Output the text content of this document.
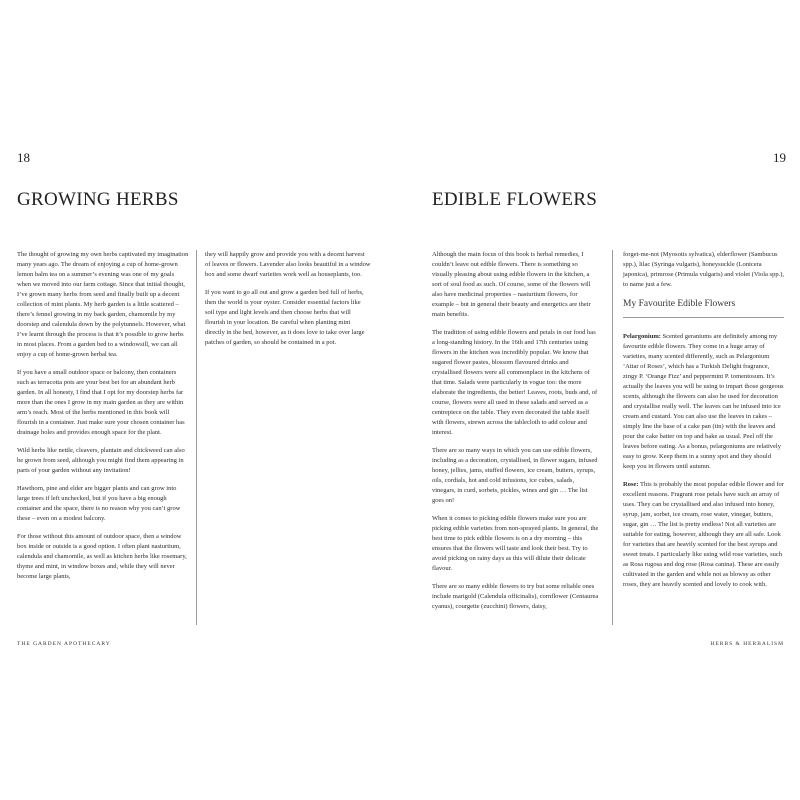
18
GROWING HERBS

The thought of growing my own herbs captivated my imagination many years ago. The dream of enjoying a cup of home-grown lemon balm tea on a summer’s evening was one of my goals when we moved into our farm cottage. Since that initial thought, I’ve grown many herbs from seed and finally built up a decent collection of mint plants. My herb garden is a little scattered – there’s fennel growing in my back garden, chamomile by my doorstep and calendula down by the polytunnels. However, what I’ve learnt through the process is that it’s possible to grow herbs in most places. From a garden bed to a windowsill, we can all enjoy a cup of home-grown herbal tea.

If you have a small outdoor space or balcony, then containers such as terracotta pots are your best bet for an abundant herb garden. In all honesty, I find that I opt for my doorstep herbs far more than the ones I grow in my main garden as they are within arm’s reach. Most of the herbs mentioned in this book will flourish in a container. Just make sure your chosen container has drainage holes and provides enough space for the plant.

Wild herbs like nettle, cleavers, plantain and chickweed can also be grown from seed, although you might find them appearing in parts of your garden without any invitation!

Hawthorn, pine and elder are bigger plants and can grow into large trees if left unchecked, but if you have a big enough container and the space, there is no reason why you can’t grow these – even on a modest balcony.

For those without this amount of outdoor space, then a window box inside or outside is a good option. I often plant nasturtium, calendula and chamomile, as well as kitchen herbs like rosemary, thyme and mint, in window boxes and, while they will never become large plants,

they will happily grow and provide you with a decent harvest of leaves or flowers. Lavender also looks beautiful in a window box and some dwarf varieties work well as houseplants, too.

If you want to go all out and grow a garden bed full of herbs, then the world is your oyster. Consider essential factors like soil type and light levels and then choose herbs that will flourish in your location. Be careful when planting mint directly in the bed, however, as it does love to take over large patches of garden, so should be contained in a pot.

THE GARDEN APOTHECARY
19
EDIBLE FLOWERS

Although the main focus of this book is herbal remedies, I couldn’t leave out edible flowers. There is something so visually pleasing about using edible flowers in the kitchen, a sort of soul food as such. Of course, some of the flowers will also have medicinal properties – nasturtium flowers, for example – but in general their beauty and energetics are their main benefits.

The tradition of using edible flowers and petals in our food has a long-standing history. In the 16th and 17th centuries using flowers in the kitchen was incredibly popular. We know that sugared flower pastes, blossom flavoured drinks and crystallised flowers were all commonplace in the kitchens of that time. Salads were particularly in vogue too: the more elaborate the ingredients, the better! Leaves, roots, buds and, of course, flowers were all used in these salads and served as a centrepiece on the table. They even decorated the table itself with flowers, strewn across the tablecloth to add colour and interest.

There are so many ways in which you can use edible flowers, including as a decoration, crystallised, in flower sugars, infused honey, jellies, jams, stuffed flowers, ice cream, butters, syrups, oils, cordials, hot and cold infusions, ice cubes, salads, vinegars, in curd, sorbets, pickles, wines and gin … The list goes on!

When it comes to picking edible flowers make sure you are picking edible varieties from non-sprayed plants. In general, the best time to pick edible flowers is on a dry morning – this ensures that the flowers will taste and look their best. Try to avoid picking on rainy days as this will dilute their delicate flavour.

There are so many edible flowers to try but some reliable ones include marigold (Calendula officinalis), cornflower (Centaurea cyanus), courgette (zucchini) flowers, daisy,

forget-me-not (Myosotis sylvatica), elderflower (Sambucus spp.), lilac (Syringa vulgaris), honeysuckle (Lonicera japonica), primrose (Primula vulgaris) and violet (Viola spp.), to name just a few.

My Favourite Edible Flowers

Pelargonium: Scented geraniums are definitely among my favourite edible flowers. They come in a huge array of varieties, many scented differently, such as Pelargonium ‘Attar of Roses’, which has a Turkish Delight fragrance, zingy P. ‘Orange Fizz’ and peppermint P. tomentosum. It’s actually the leaves you will be using to impart those gorgeous scents, although the flowers can also be used for decoration and crystallise really well. The leaves can be infused into ice cream and custard. You can also use the leaves in cakes – simply line the base of a cake pan (tin) with the leaves and pour the cake batter on top and bake as usual. Peel off the leaves before eating. As a bonus, pelargoniums are relatively easy to grow. Keep them in a sunny spot and they should keep you in flowers until autumn.

Rose: This is probably the most popular edible flower and for excellent reasons. Fragrant rose petals have such an array of uses. They can be crystallised and also infused into honey, syrup, jam, sorbet, ice cream, rose water, vinegar, butters, sugar, gin … The list is pretty endless! Not all varieties are suitable for eating, however, although they are all safe. Look for varieties that are heavily scented for the best syrups and sweet treats. I particularly like using wild rose varieties, such as Rosa rugosa and dog rose (Rosa canina). These are easily cultivated in the garden and while not as blowsy as other roses, they are heavily scented and lovely to cook with.

HERBS & HERBALISM
